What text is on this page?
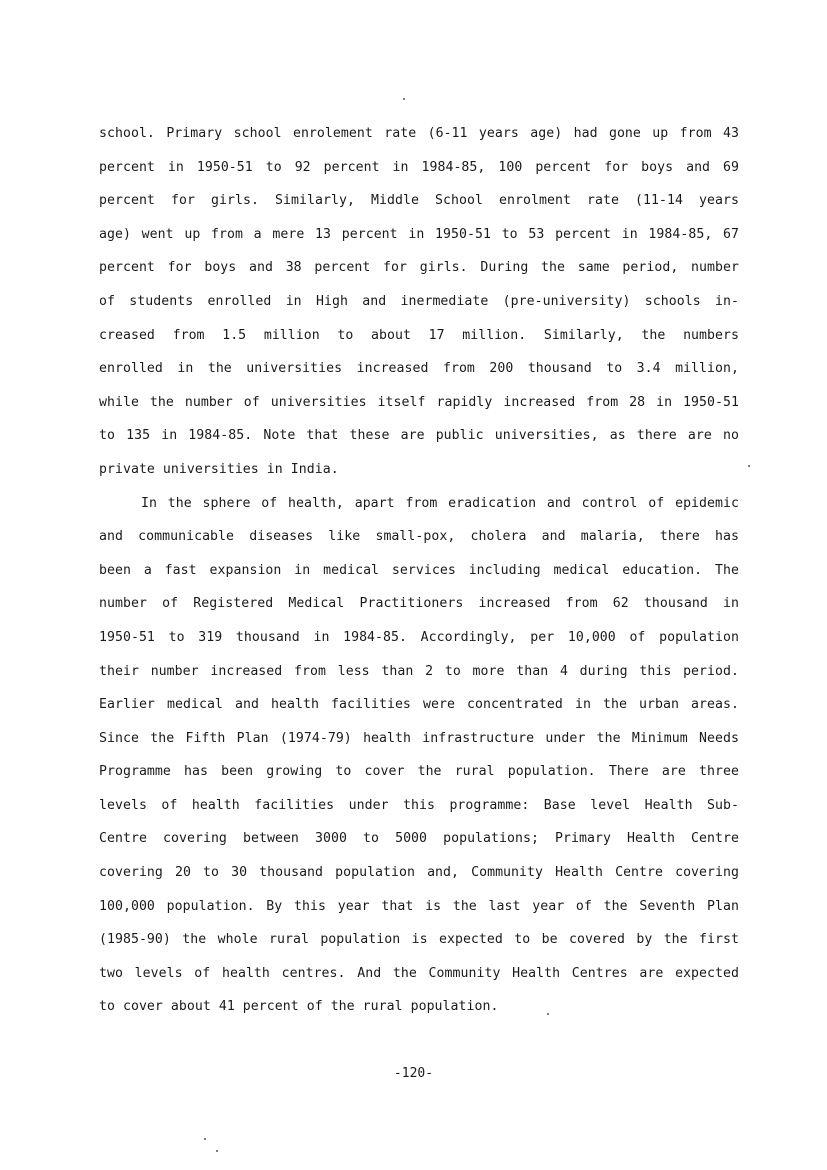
school. Primary school enrolement rate (6-11 years age) had gone up from 43
percent in 1950-51 to 92 percent in 1984-85, 100 percent for boys and 69
percent for girls. Similarly, Middle School enrolment rate (11-14 years
age) went up from a mere 13 percent in 1950-51 to 53 percent in 1984-85, 67
percent for boys and 38 percent for girls. During the same period, number
of students enrolled in High and inermediate (pre-university) schools in-
creased from 1.5 million to about 17 million. Similarly, the numbers
enrolled in the universities increased from 200 thousand to 3.4 million,
while the number of universities itself rapidly increased from 28 in 1950-51
to 135 in 1984-85. Note that these are public universities, as there are no
private universities in India.
In the sphere of health, apart from eradication and control of epidemic
and communicable diseases like small-pox, cholera and malaria, there has
been a fast expansion in medical services including medical education. The
number of Registered Medical Practitioners increased from 62 thousand in
1950-51 to 319 thousand in 1984-85. Accordingly, per 10,000 of population
their number increased from less than 2 to more than 4 during this period.
Earlier medical and health facilities were concentrated in the urban areas.
Since the Fifth Plan (1974-79) health infrastructure under the Minimum Needs
Programme has been growing to cover the rural population. There are three
levels of health facilities under this programme: Base level Health Sub-
Centre covering between 3000 to 5000 populations; Primary Health Centre
covering 20 to 30 thousand population and, Community Health Centre covering
100,000 population. By this year that is the last year of the Seventh Plan
(1985-90) the whole rural population is expected to be covered by the first
two levels of health centres. And the Community Health Centres are expected
to cover about 41 percent of the rural population.
-120-
